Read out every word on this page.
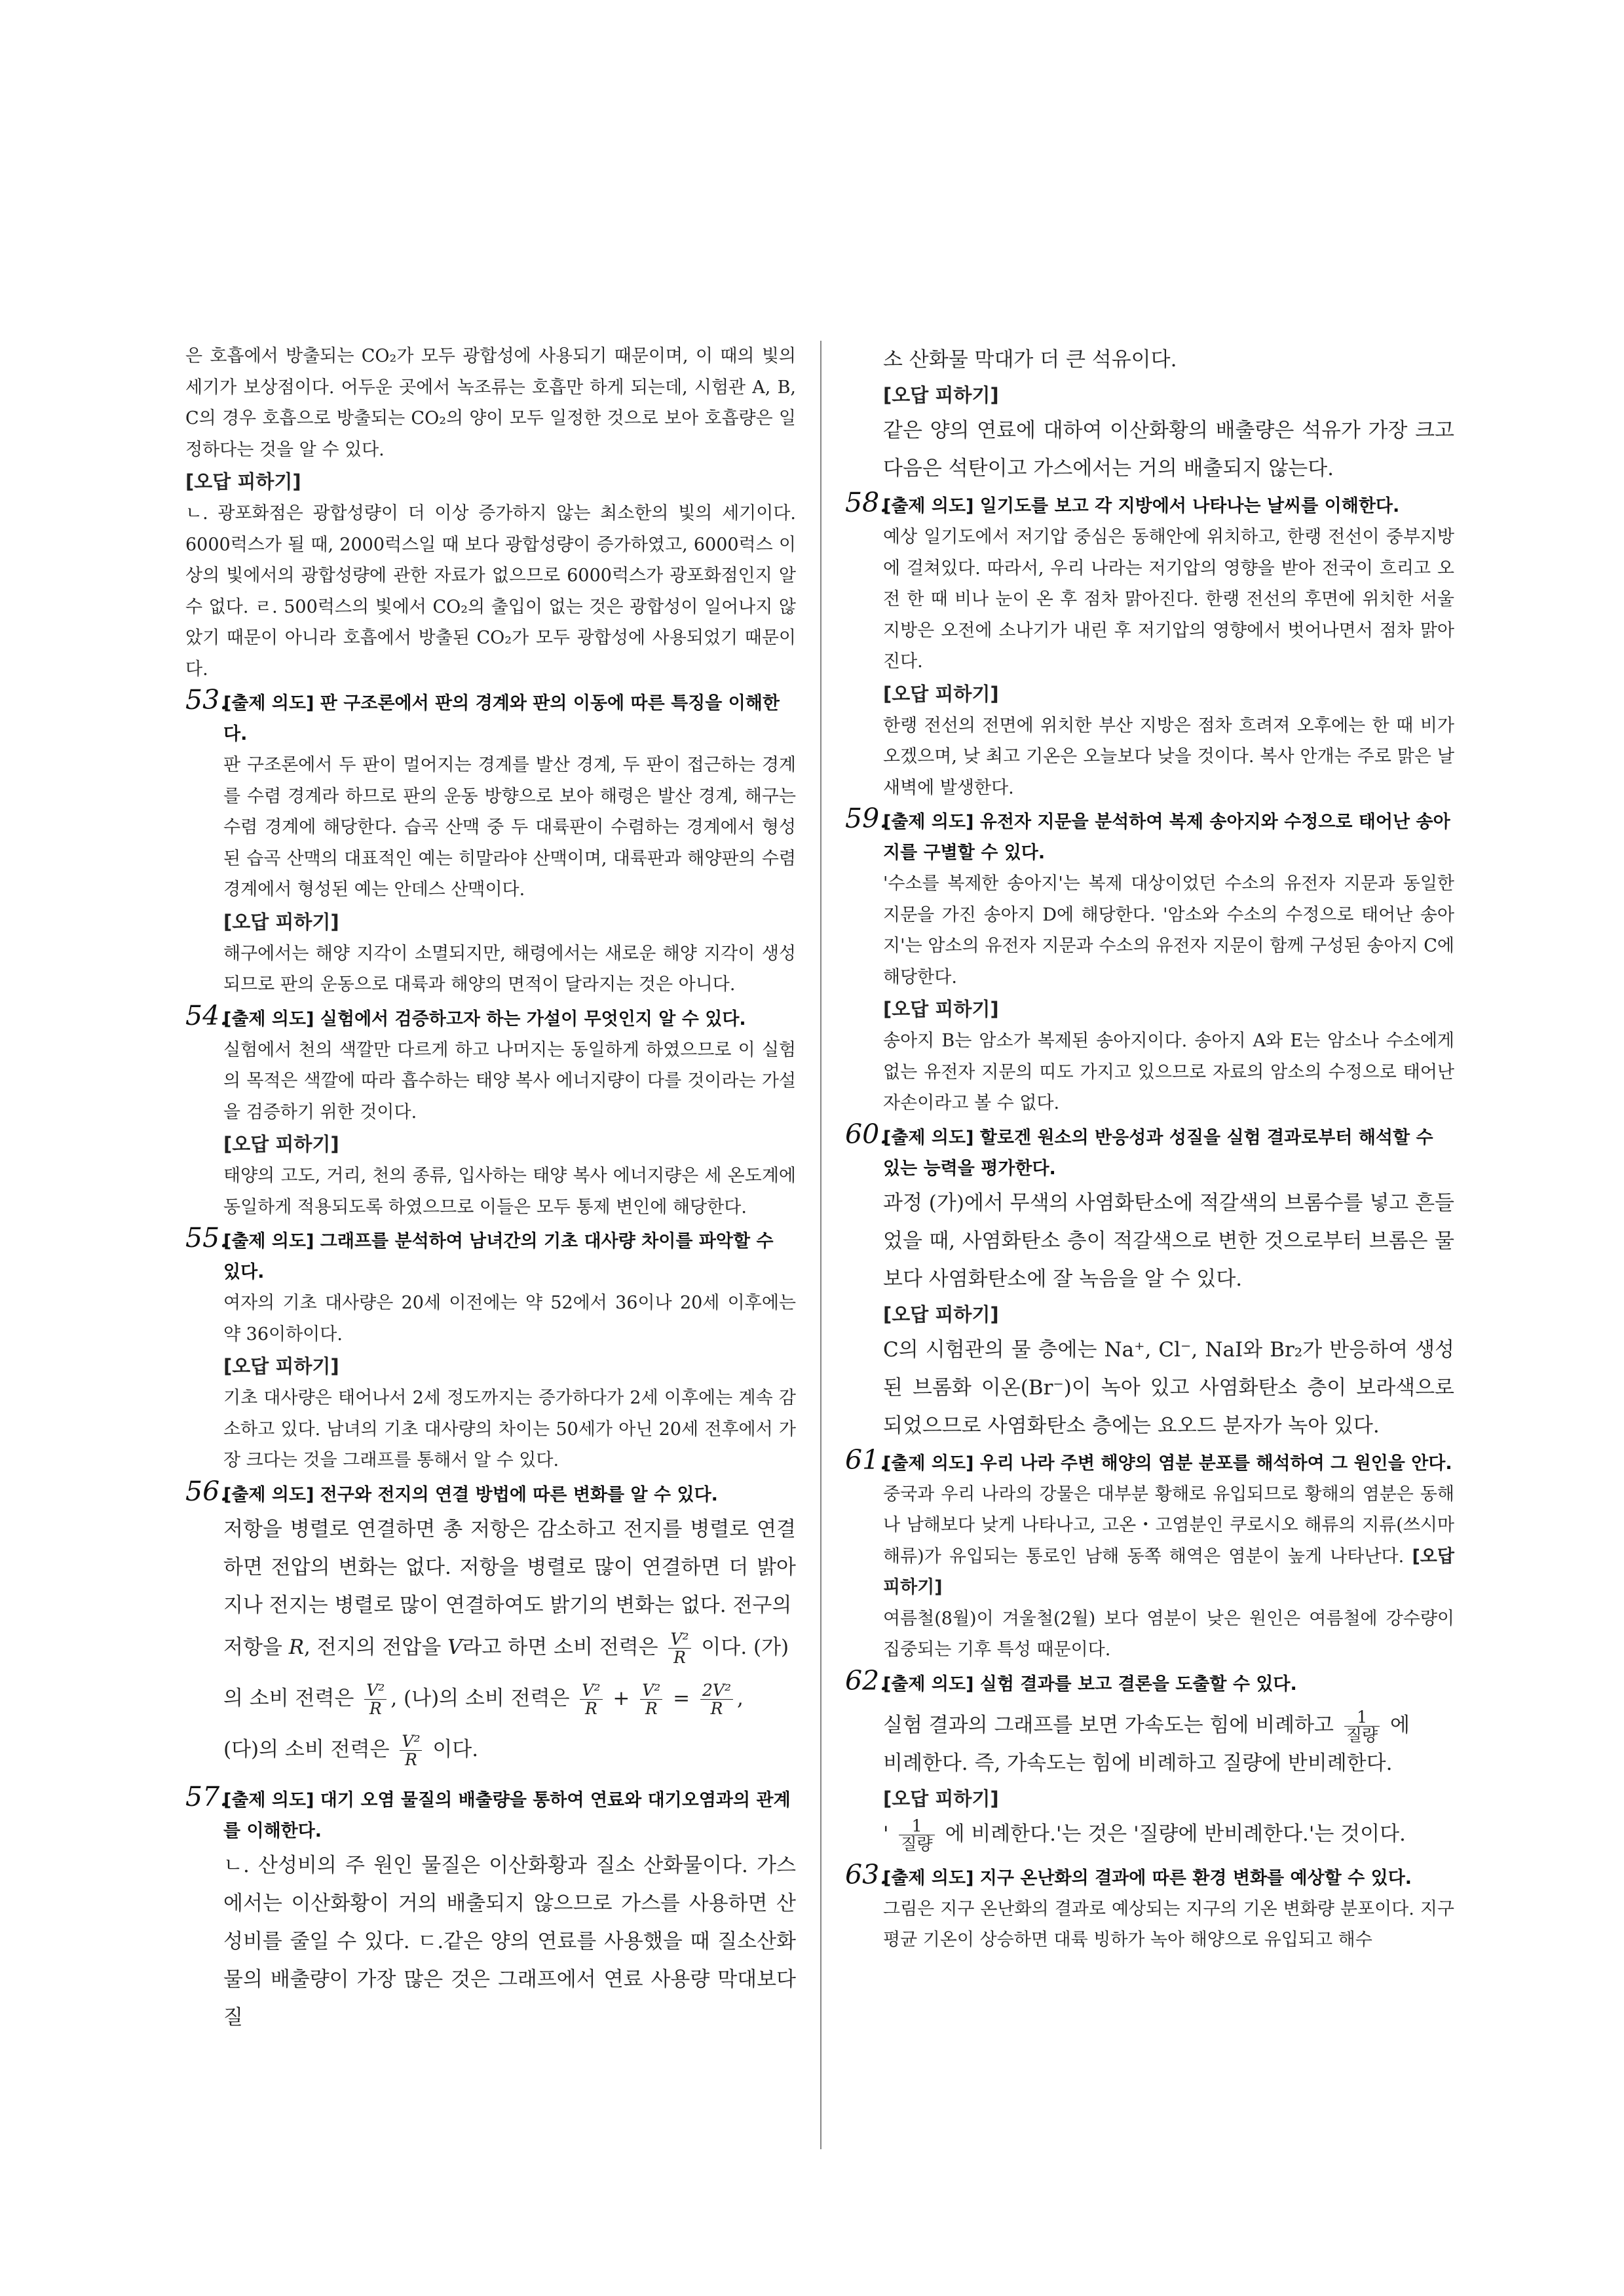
은 호흡에서 방출되는 CO₂가 모두 광합성에 사용되기 때문이며, 이 때의 빛의 세기가 보상점이다. 어두운 곳에서 녹조류는 호흡만 하게 되는데, 시험관 A, B, C의 경우 호흡으로 방출되는 CO₂의 양이 모두 일정한 것으로 보아 호흡량은 일정하다는 것을 알 수 있다.

[오답 피하기]

ㄴ. 광포화점은 광합성량이 더 이상 증가하지 않는 최소한의 빛의 세기이다. 6000럭스가 될 때, 2000럭스일 때 보다 광합성량이 증가하였고, 6000럭스 이상의 빛에서의 광합성량에 관한 자료가 없으므로 6000럭스가 광포화점인지 알 수 없다. ㄹ. 500럭스의 빛에서 CO₂의 출입이 없는 것은 광합성이 일어나지 않았기 때문이 아니라 호흡에서 방출된 CO₂가 모두 광합성에 사용되었기 때문이다.

53.[출제 의도] 판 구조론에서 판의 경계와 판의 이동에 따른 특징을 이해한다.

판 구조론에서 두 판이 멀어지는 경계를 발산 경계, 두 판이 접근하는 경계를 수렴 경계라 하므로 판의 운동 방향으로 보아 해령은 발산 경계, 해구는 수렴 경계에 해당한다. 습곡 산맥 중 두 대륙판이 수렴하는 경계에서 형성된 습곡 산맥의 대표적인 예는 히말라야 산맥이며, 대륙판과 해양판의 수렴 경계에서 형성된 예는 안데스 산맥이다.

[오답 피하기]

해구에서는 해양 지각이 소멸되지만, 해령에서는 새로운 해양 지각이 생성되므로 판의 운동으로 대륙과 해양의 면적이 달라지는 것은 아니다.

54.[출제 의도] 실험에서 검증하고자 하는 가설이 무엇인지 알 수 있다.

실험에서 천의 색깔만 다르게 하고 나머지는 동일하게 하였으므로 이 실험의 목적은 색깔에 따라 흡수하는 태양 복사 에너지량이 다를 것이라는 가설을 검증하기 위한 것이다.

[오답 피하기]

태양의 고도, 거리, 천의 종류, 입사하는 태양 복사 에너지량은 세 온도계에 동일하게 적용되도록 하였으므로 이들은 모두 통제 변인에 해당한다.

55.[출제 의도] 그래프를 분석하여 남녀간의 기초 대사량 차이를 파악할 수 있다.

여자의 기초 대사량은 20세 이전에는 약 52에서 36이나 20세 이후에는 약 36이하이다.

[오답 피하기]

기초 대사량은 태어나서 2세 정도까지는 증가하다가 2세 이후에는 계속 감소하고 있다. 남녀의 기초 대사량의 차이는 50세가 아닌 20세 전후에서 가장 크다는 것을 그래프를 통해서 알 수 있다.

56.[출제 의도] 전구와 전지의 연결 방법에 따른 변화를 알 수 있다.

저항을 병렬로 연결하면 총 저항은 감소하고 전지를 병렬로 연결하면 전압의 변화는 없다. 저항을 병렬로 많이 연결하면 더 밝아지나 전지는 병렬로 많이 연결하여도 밝기의 변화는 없다. 전구의

저항을 R, 전지의 전압을 V라고 하면 소비 전력은 $\frac{\text{V²}}{R}$ 이다. (가)

의 소비 전력은 $\frac{\text{V²}}{R}$ , (나)의 소비 전력은 $\frac{\text{V²}}{R} + \frac{\text{V²}}{R} = \frac{\text{2V²}}{R}$ ,

(다)의 소비 전력은 $\frac{\text{V²}}{R}$ 이다.

57.[출제 의도] 대기 오염 물질의 배출량을 통하여 연료와 대기오염과의 관계를 이해한다.

ㄴ. 산성비의 주 원인 물질은 이산화황과 질소 산화물이다. 가스에서는 이산화황이 거의 배출되지 않으므로 가스를 사용하면 산성비를 줄일 수 있다. ㄷ.같은 양의 연료를 사용했을 때 질소산화물의 배출량이 가장 많은 것은 그래프에서 연료 사용량 막대보다 질

소 산화물 막대가 더 큰 석유이다.

[오답 피하기]

같은 양의 연료에 대하여 이산화황의 배출량은 석유가 가장 크고 다음은 석탄이고 가스에서는 거의 배출되지 않는다.

58.[출제 의도] 일기도를 보고 각 지방에서 나타나는 날씨를 이해한다.

예상 일기도에서 저기압 중심은 동해안에 위치하고, 한랭 전선이 중부지방에 걸쳐있다. 따라서, 우리 나라는 저기압의 영향을 받아 전국이 흐리고 오전 한 때 비나 눈이 온 후 점차 맑아진다. 한랭 전선의 후면에 위치한 서울 지방은 오전에 소나기가 내린 후 저기압의 영향에서 벗어나면서 점차 맑아진다.

[오답 피하기]

한랭 전선의 전면에 위치한 부산 지방은 점차 흐려져 오후에는 한 때 비가 오겠으며, 낮 최고 기온은 오늘보다 낮을 것이다. 복사 안개는 주로 맑은 날 새벽에 발생한다.

59.[출제 의도] 유전자 지문을 분석하여 복제 송아지와 수정으로 태어난 송아지를 구별할 수 있다.

'수소를 복제한 송아지'는 복제 대상이었던 수소의 유전자 지문과 동일한 지문을 가진 송아지 D에 해당한다. '암소와 수소의 수정으로 태어난 송아지'는 암소의 유전자 지문과 수소의 유전자 지문이 함께 구성된 송아지 C에 해당한다.

[오답 피하기]

송아지 B는 암소가 복제된 송아지이다. 송아지 A와 E는 암소나 수소에게 없는 유전자 지문의 띠도 가지고 있으므로 자료의 암소의 수정으로 태어난 자손이라고 볼 수 없다.

60.[출제 의도] 할로겐 원소의 반응성과 성질을 실험 결과로부터 해석할 수 있는 능력을 평가한다.

과정 (가)에서 무색의 사염화탄소에 적갈색의 브롬수를 넣고 흔들었을 때, 사염화탄소 층이 적갈색으로 변한 것으로부터 브롬은 물보다 사염화탄소에 잘 녹음을 알 수 있다.

[오답 피하기]

C의 시험관의 물 층에는 Na⁺, Cl⁻, NaI와 Br₂가 반응하여 생성된 브롬화 이온(Br⁻)이 녹아 있고 사염화탄소 층이 보라색으로 되었으므로 사염화탄소 층에는 요오드 분자가 녹아 있다.

61.[출제 의도] 우리 나라 주변 해양의 염분 분포를 해석하여 그 원인을 안다.

중국과 우리 나라의 강물은 대부분 황해로 유입되므로 황해의 염분은 동해나 남해보다 낮게 나타나고, 고온・고염분인 쿠로시오 해류의 지류(쓰시마 해류)가 유입되는 통로인 남해 동쪽 해역은 염분이 높게 나타난다. [오답 피하기]

여름철(8월)이 겨울철(2월) 보다 염분이 낮은 원인은 여름철에 강수량이 집중되는 기후 특성 때문이다.

62.[출제 의도] 실험 결과를 보고 결론을 도출할 수 있다.

실험 결과의 그래프를 보면 가속도는 힘에 비례하고 $\frac{1}{\text{질량}}$ 에

비례한다. 즉, 가속도는 힘에 비례하고 질량에 반비례한다.

[오답 피하기]

' $\frac{1}{\text{질량}}$ 에 비례한다.'는 것은 '질량에 반비례한다.'는 것이다.

63.[출제 의도] 지구 온난화의 결과에 따른 환경 변화를 예상할 수 있다.

그림은 지구 온난화의 결과로 예상되는 지구의 기온 변화량 분포이다. 지구 평균 기온이 상승하면 대륙 빙하가 녹아 해양으로 유입되고 해수
